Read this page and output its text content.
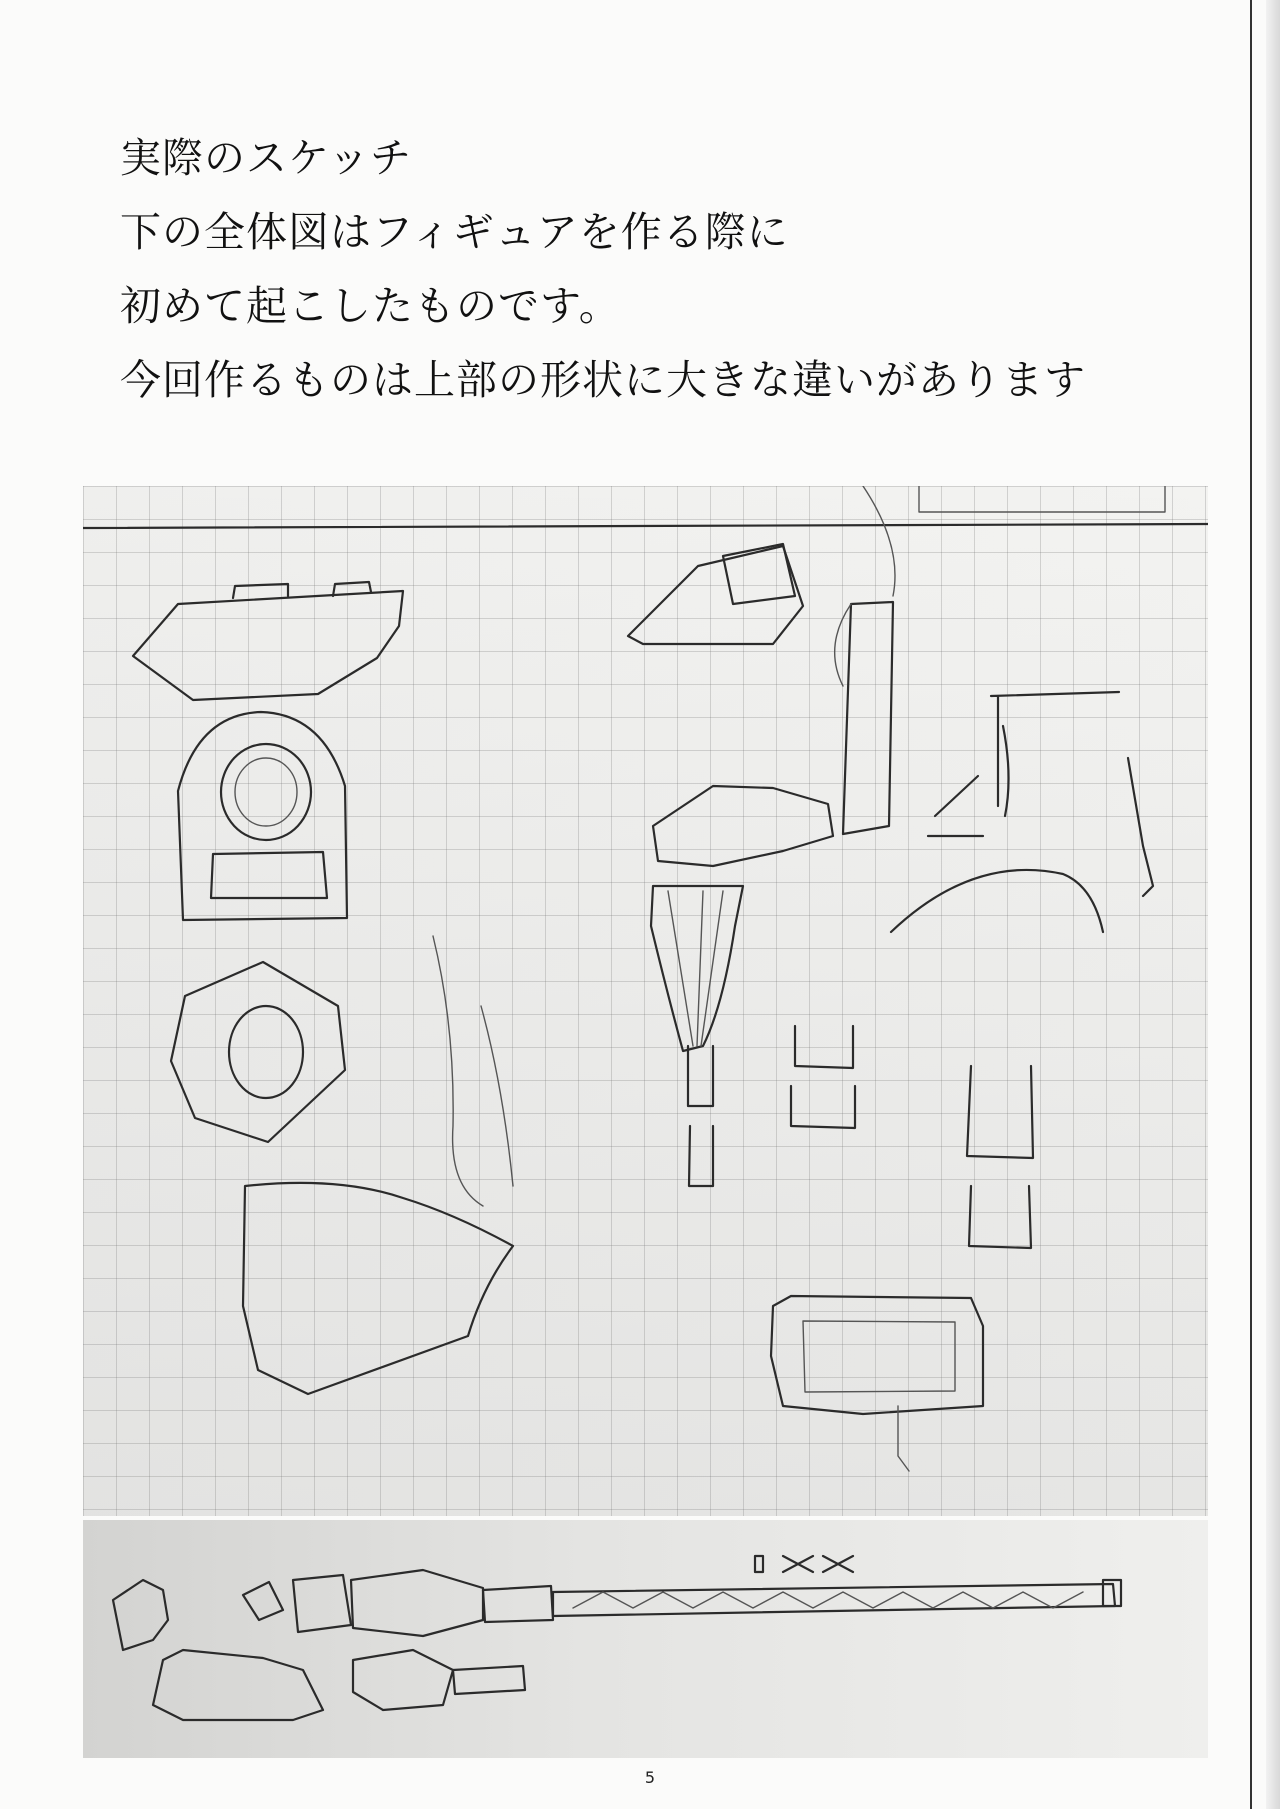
実際のスケッチ
下の全体図はフィギュアを作る際に
初めて起こしたものです。
今回作るものは上部の形状に大きな違いがあります
5
